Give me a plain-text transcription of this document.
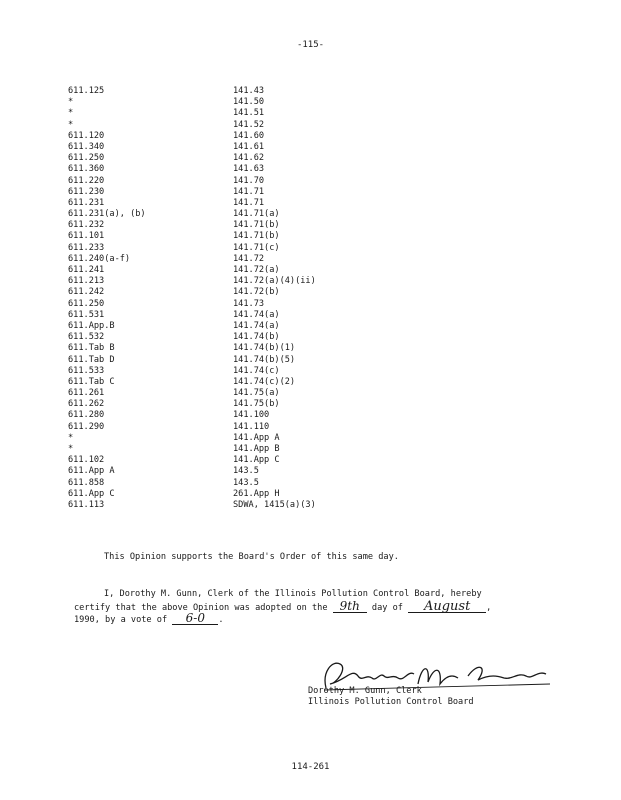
-115-
611.125	141.43
*	141.50
*	141.51
*	141.52
611.120	141.60
611.340	141.61
611.250	141.62
611.360	141.63
611.220	141.70
611.230	141.71
611.231	141.71
611.231(a), (b)	141.71(a)
611.232	141.71(b)
611.101	141.71(b)
611.233	141.71(c)
611.240(a-f)	141.72
611.241	141.72(a)
611.213	141.72(a)(4)(ii)
611.242	141.72(b)
611.250	141.73
611.531	141.74(a)
611.App.B	141.74(a)
611.532	141.74(b)
611.Tab B	141.74(b)(1)
611.Tab D	141.74(b)(5)
611.533	141.74(c)
611.Tab C	141.74(c)(2)
611.261	141.75(a)
611.262	141.75(b)
611.280	141.100
611.290	141.110
*	141.App A
*	141.App B
611.102	141.App C
611.App A	143.5
611.858	143.5
611.App C	261.App H
611.113	SDWA, 1415(a)(3)
This Opinion supports the Board's Order of this same day.
I, Dorothy M. Gunn, Clerk of the Illinois Pollution Control Board, hereby
certify that the above Opinion was adopted on the 9th day of August ,
1990, by a vote of 6-0 .
Dorothy M. Gunn, Clerk
Illinois Pollution Control Board
114-261
